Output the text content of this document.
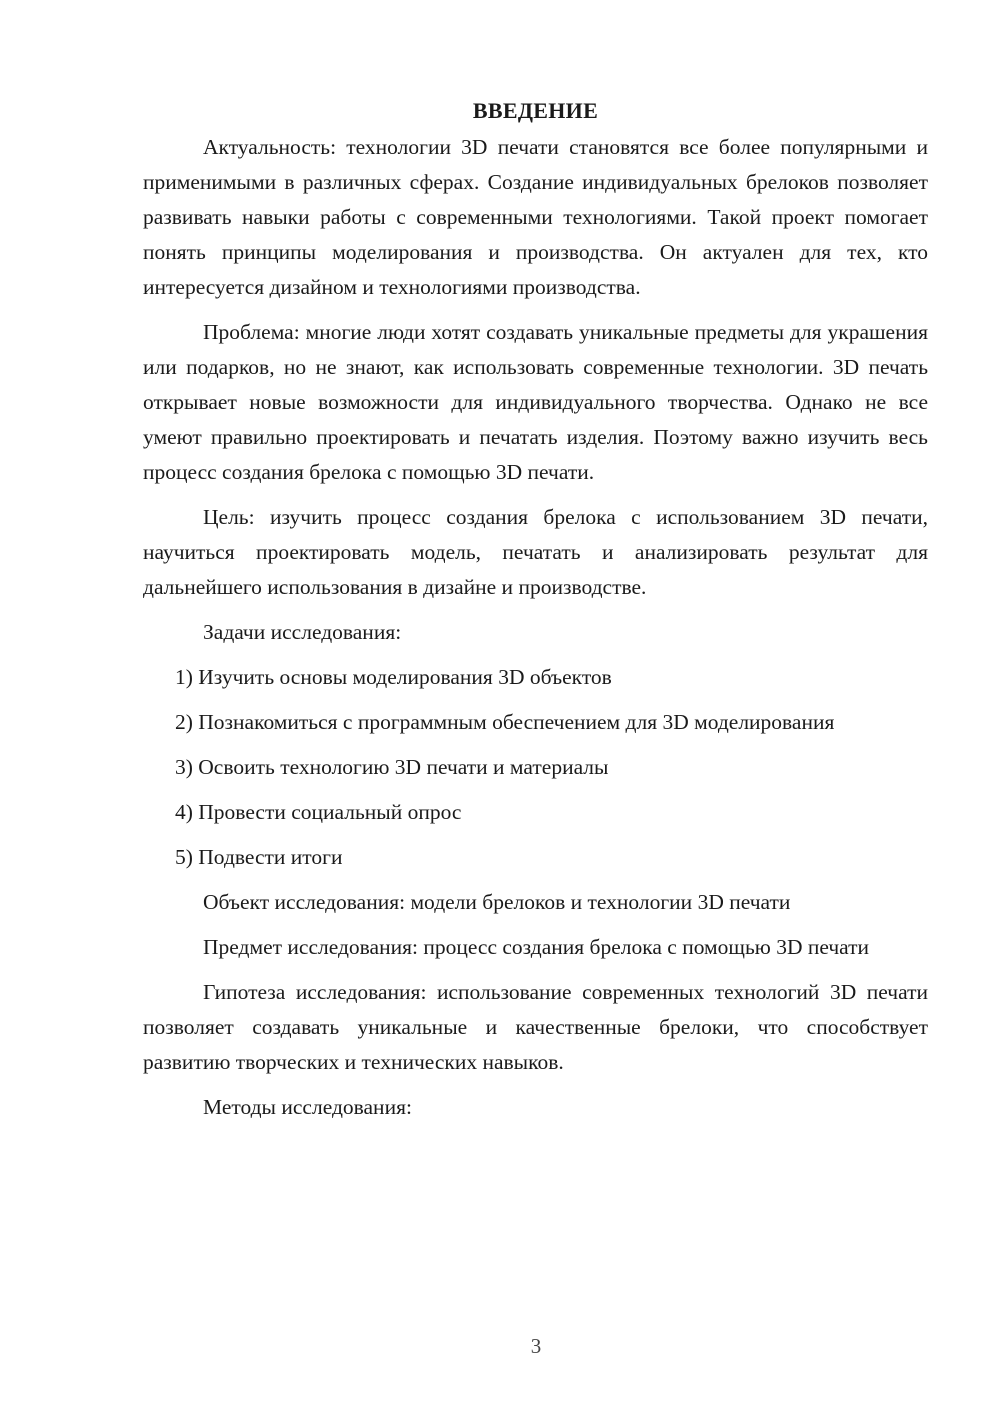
ВВЕДЕНИЕ

Актуальность: технологии 3D печати становятся все более популярными и применимыми в различных сферах. Создание индивидуальных брелоков позволяет развивать навыки работы с современными технологиями. Такой проект помогает понять принципы моделирования и производства. Он актуален для тех, кто интересуется дизайном и технологиями производства.

Проблема: многие люди хотят создавать уникальные предметы для украшения или подарков, но не знают, как использовать современные технологии. 3D печать открывает новые возможности для индивидуального творчества. Однако не все умеют правильно проектировать и печатать изделия. Поэтому важно изучить весь процесс создания брелока с помощью 3D печати.

Цель: изучить процесс создания брелока с использованием 3D печати, научиться проектировать модель, печатать и анализировать результат для дальнейшего использования в дизайне и производстве.

Задачи исследования:

1) Изучить основы моделирования 3D объектов

2) Познакомиться с программным обеспечением для 3D моделирования

3) Освоить технологию 3D печати и материалы

4) Провести социальный опрос

5) Подвести итоги

Объект исследования: модели брелоков и технологии 3D печати

Предмет исследования: процесс создания брелока с помощью 3D печати

Гипотеза исследования: использование современных технологий 3D печати позволяет создавать уникальные и качественные брелоки, что способствует развитию творческих и технических навыков.

Методы исследования:

3
